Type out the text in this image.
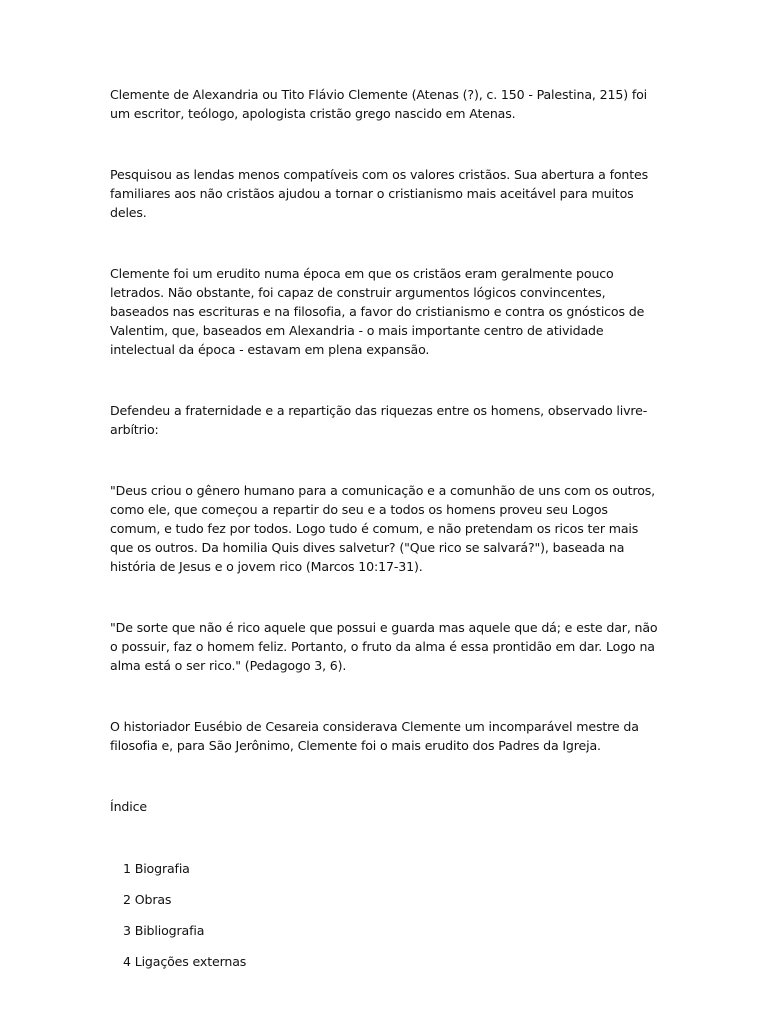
Clemente de Alexandria ou Tito Flávio Clemente (Atenas (?), c. 150 - Palestina, 215) foi um escritor, teólogo, apologista cristão grego nascido em Atenas.

Pesquisou as lendas menos compatíveis com os valores cristãos. Sua abertura a fontes familiares aos não cristãos ajudou a tornar o cristianismo mais aceitável para muitos deles.

Clemente foi um erudito numa época em que os cristãos eram geralmente pouco letrados. Não obstante, foi capaz de construir argumentos lógicos convincentes, baseados nas escrituras e na filosofia, a favor do cristianismo e contra os gnósticos de Valentim, que, baseados em Alexandria - o mais importante centro de atividade intelectual da época - estavam em plena expansão.

Defendeu a fraternidade e a repartição das riquezas entre os homens, observado livre-arbítrio:

"Deus criou o gênero humano para a comunicação e a comunhão de uns com os outros, como ele, que começou a repartir do seu e a todos os homens proveu seu Logos comum, e tudo fez por todos. Logo tudo é comum, e não pretendam os ricos ter mais que os outros. Da homilia Quis dives salvetur? ("Que rico se salvará?"), baseada na história de Jesus e o jovem rico (Marcos 10:17-31).

"De sorte que não é rico aquele que possui e guarda mas aquele que dá; e este dar, não o possuir, faz o homem feliz. Portanto, o fruto da alma é essa prontidão em dar. Logo na alma está o ser rico." (Pedagogo 3, 6).

O historiador Eusébio de Cesareia considerava Clemente um incomparável mestre da filosofia e, para São Jerônimo, Clemente foi o mais erudito dos Padres da Igreja.

Índice

1 Biografia
2 Obras
3 Bibliografia
4 Ligações externas
